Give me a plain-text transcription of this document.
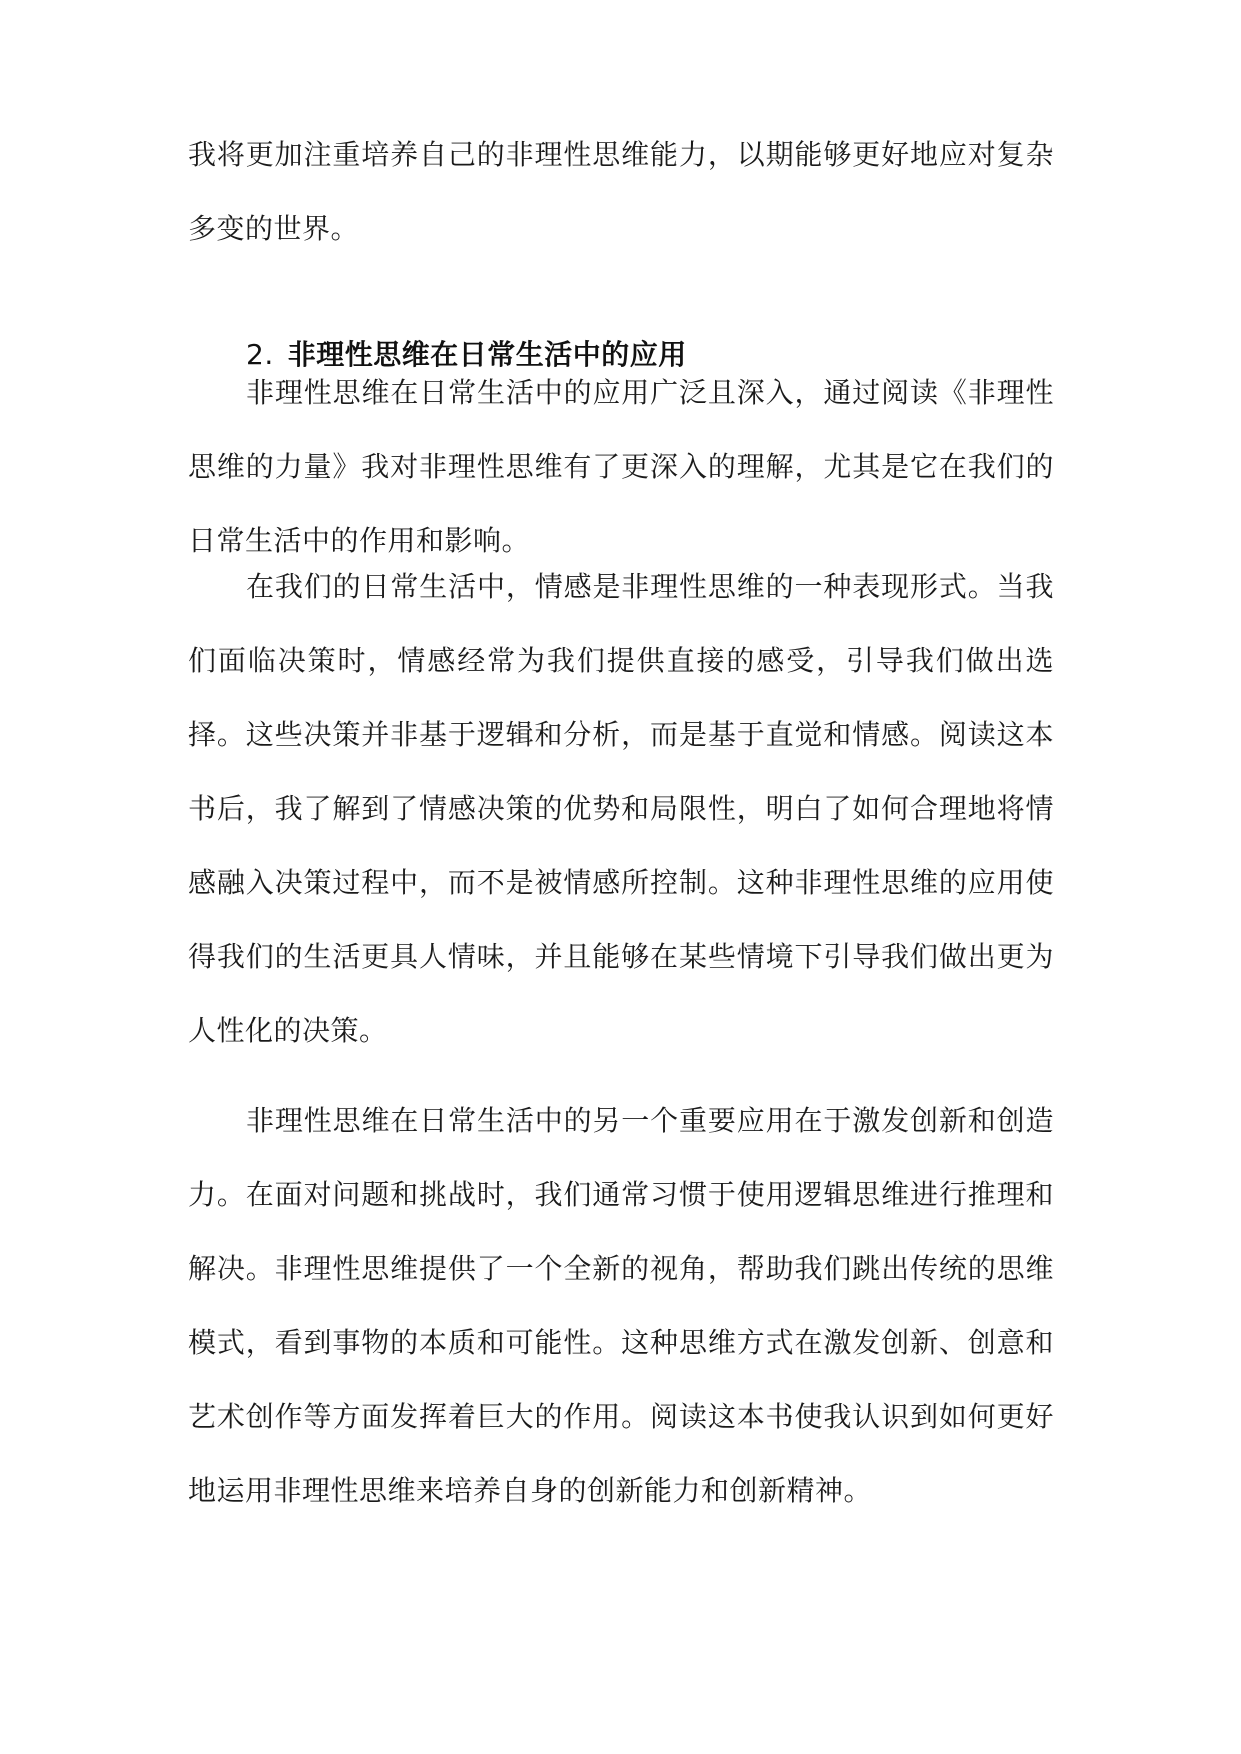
我将更加注重培养自己的非理性思维能力，以期能够更好地应对复杂多变的世界。

2. 非理性思维在日常生活中的应用

非理性思维在日常生活中的应用广泛且深入，通过阅读《非理性思维的力量》我对非理性思维有了更深入的理解，尤其是它在我们的日常生活中的作用和影响。

在我们的日常生活中，情感是非理性思维的一种表现形式。当我们面临决策时，情感经常为我们提供直接的感受，引导我们做出选择。这些决策并非基于逻辑和分析，而是基于直觉和情感。阅读这本书后，我了解到了情感决策的优势和局限性，明白了如何合理地将情感融入决策过程中，而不是被情感所控制。这种非理性思维的应用使得我们的生活更具人情味，并且能够在某些情境下引导我们做出更为人性化的决策。

非理性思维在日常生活中的另一个重要应用在于激发创新和创造力。在面对问题和挑战时，我们通常习惯于使用逻辑思维进行推理和解决。非理性思维提供了一个全新的视角，帮助我们跳出传统的思维模式，看到事物的本质和可能性。这种思维方式在激发创新、创意和艺术创作等方面发挥着巨大的作用。阅读这本书使我认识到如何更好地运用非理性思维来培养自身的创新能力和创新精神。
